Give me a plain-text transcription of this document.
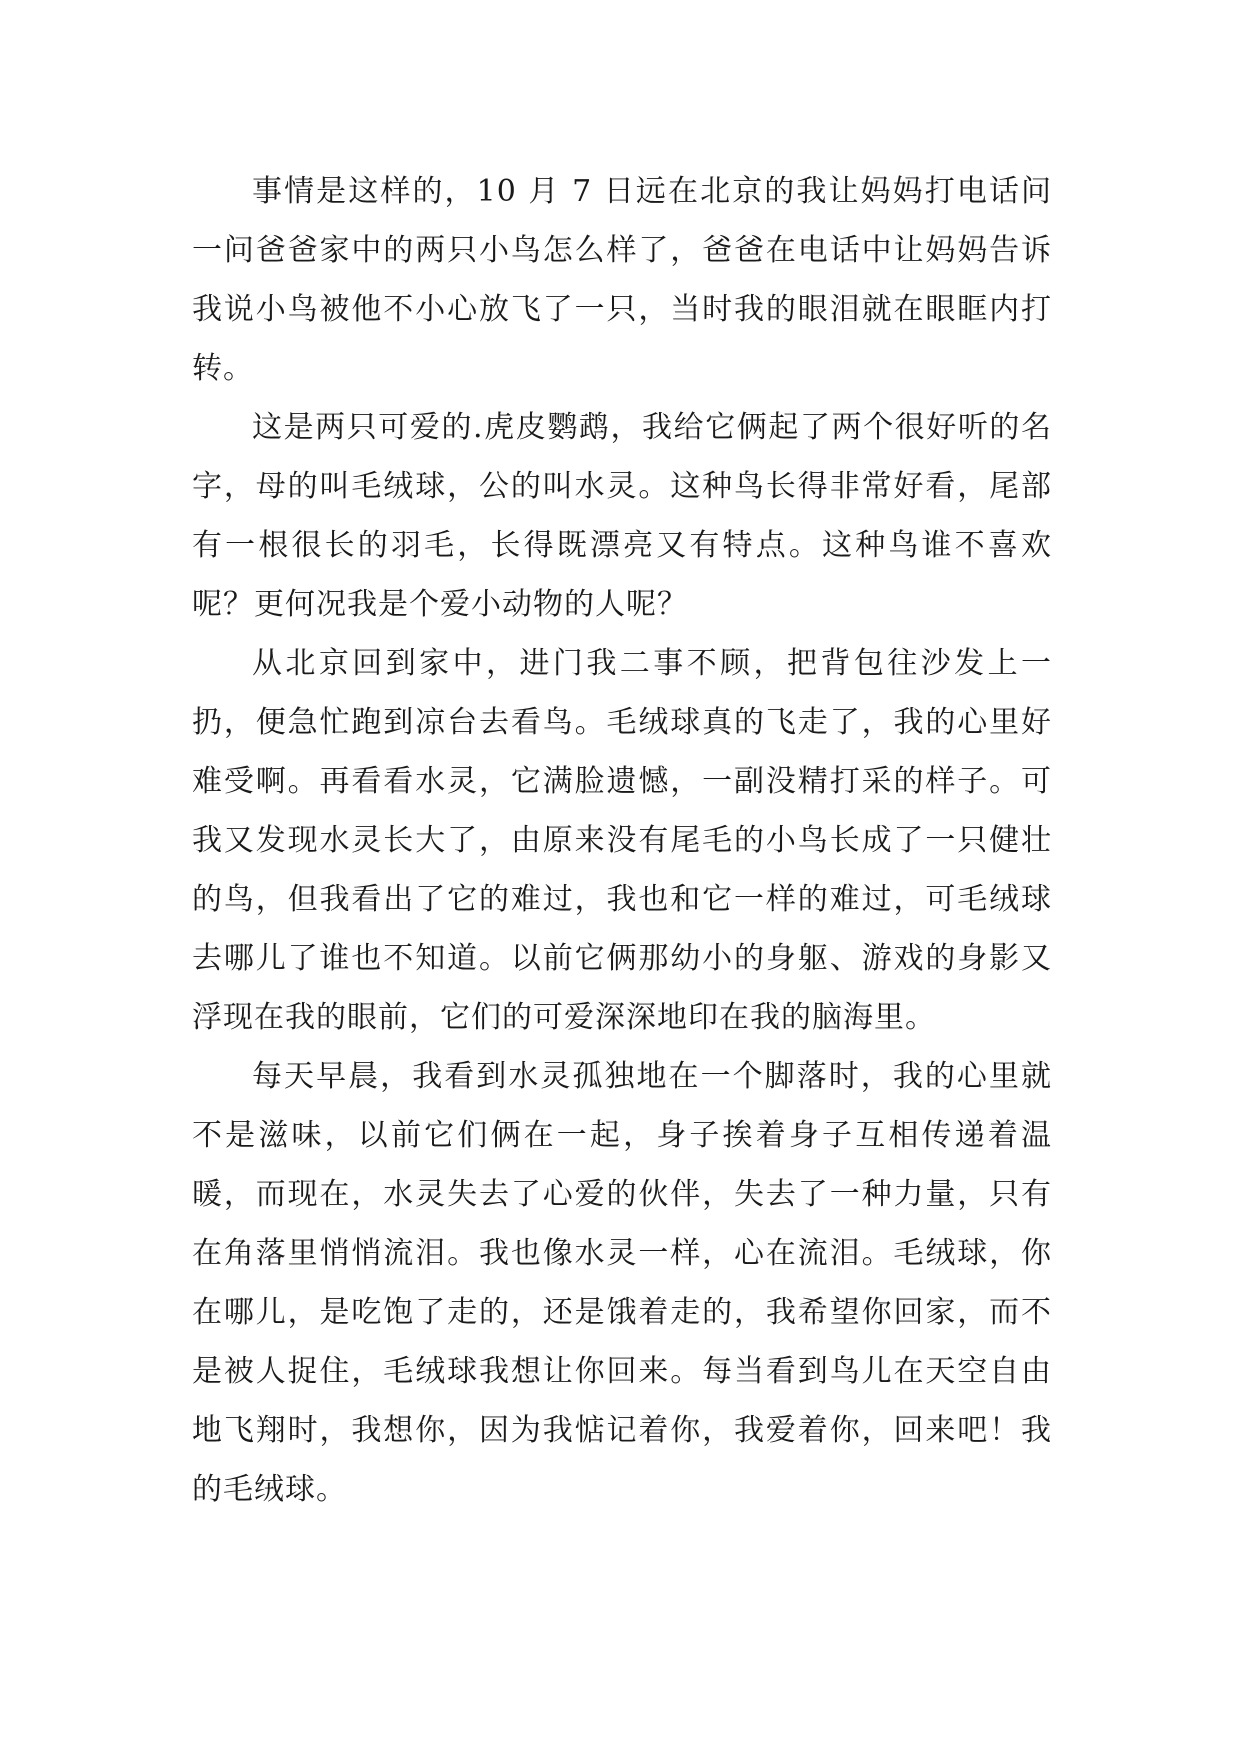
事情是这样的，10 月 7 日远在北京的我让妈妈打电话问一问爸爸家中的两只小鸟怎么样了，爸爸在电话中让妈妈告诉我说小鸟被他不小心放飞了一只，当时我的眼泪就在眼眶内打转。

这是两只可爱的.虎皮鹦鹉，我给它俩起了两个很好听的名字，母的叫毛绒球，公的叫水灵。这种鸟长得非常好看，尾部有一根很长的羽毛，长得既漂亮又有特点。这种鸟谁不喜欢呢？更何况我是个爱小动物的人呢？

从北京回到家中，进门我二事不顾，把背包往沙发上一扔，便急忙跑到凉台去看鸟。毛绒球真的飞走了，我的心里好难受啊。再看看水灵，它满脸遗憾，一副没精打采的样子。可我又发现水灵长大了，由原来没有尾毛的小鸟长成了一只健壮的鸟，但我看出了它的难过，我也和它一样的难过，可毛绒球去哪儿了谁也不知道。以前它俩那幼小的身躯、游戏的身影又浮现在我的眼前，它们的可爱深深地印在我的脑海里。

每天早晨，我看到水灵孤独地在一个脚落时，我的心里就不是滋味，以前它们俩在一起，身子挨着身子互相传递着温暖，而现在，水灵失去了心爱的伙伴，失去了一种力量，只有在角落里悄悄流泪。我也像水灵一样，心在流泪。毛绒球，你在哪儿，是吃饱了走的，还是饿着走的，我希望你回家，而不是被人捉住，毛绒球我想让你回来。每当看到鸟儿在天空自由地飞翔时，我想你，因为我惦记着你，我爱着你，回来吧！我的毛绒球。
